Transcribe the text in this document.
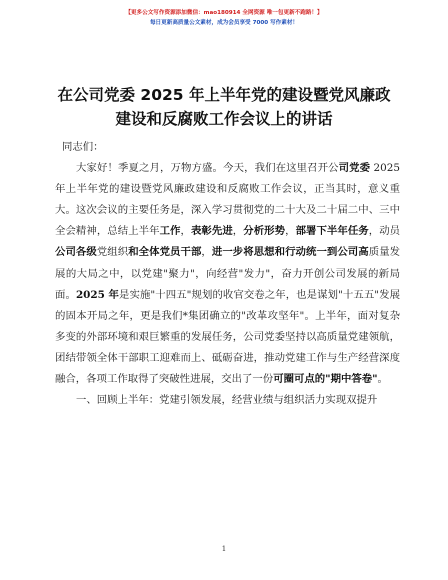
【更多公文写作资源添加微信：mao180914 全网资源 唯一包更新不跑路！】
每日更新高质量公文素材，成为会员享受 7000 写作素材！
在公司党委 2025 年上半年党的建设暨党风廉政
建设和反腐败工作会议上的讲话

同志们：

大家好！季夏之月，万物方盛。今天，我们在这里召开公司党委 2025 年上半年党的建设暨党风廉政建设和反腐败工作会议，正当其时，意义重大。这次会议的主要任务是，深入学习贯彻党的二十大及二十届二中、三中全会精神，总结上半年工作，表彰先进，分析形势，部署下半年任务，动员公司各级党组织和全体党员干部，进一步将思想和行动统一到公司高质量发展的大局之中，以党建"聚力"，向经营"发力"，奋力开创公司发展的新局面。2025 年是实施"十四五"规划的收官交卷之年，也是谋划"十五五"发展的固本开局之年，更是我们*集团确立的"改革攻坚年"。上半年，面对复杂多变的外部环境和艰巨繁重的发展任务，公司党委坚持以高质量党建领航，团结带领全体干部职工迎难而上、砥砺奋进，推动党建工作与生产经营深度融合，各项工作取得了突破性进展，交出了一份可圈可点的"期中答卷"。

一、回顾上半年：党建引领发展，经营业绩与组织活力实现双提升

1
